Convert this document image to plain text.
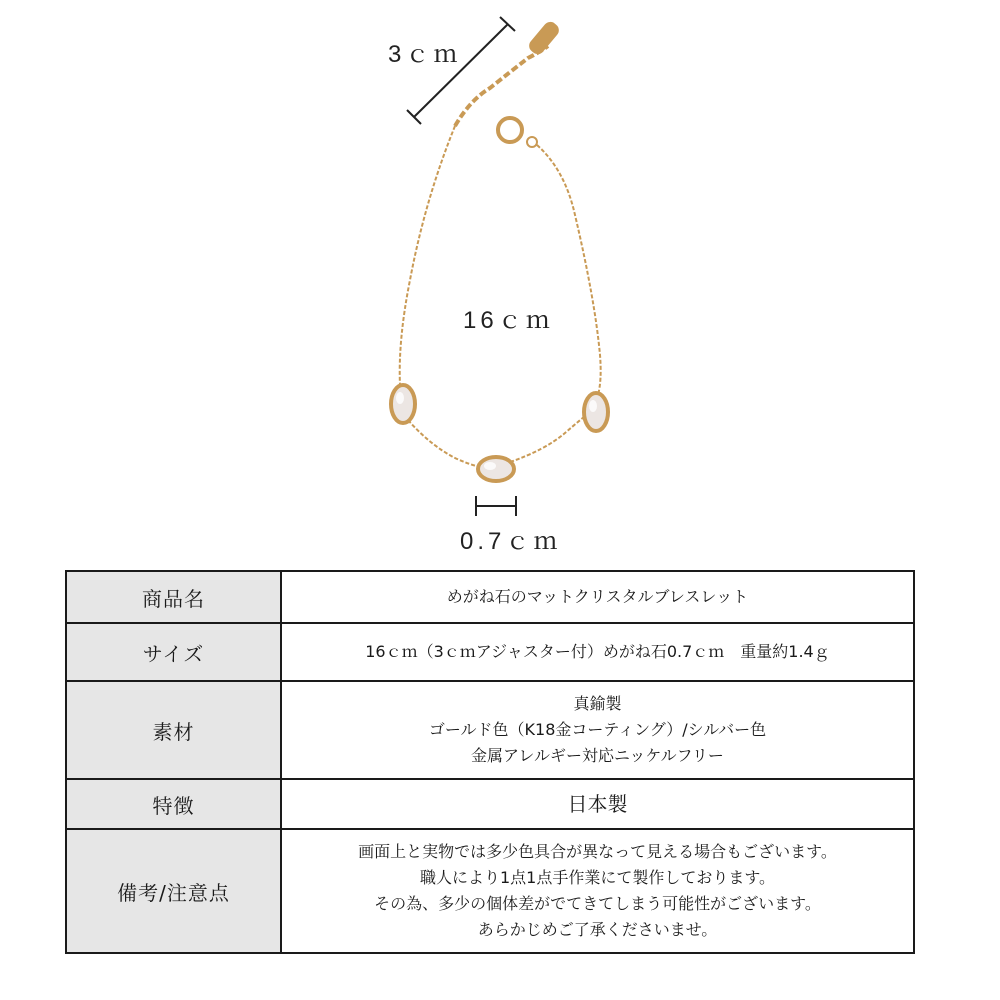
3ｃｍ
16ｃｍ
0.7ｃｍ
商品名	めがね石のマットクリスタルブレスレット

サイズ	16ｃｍ（3ｃｍアジャスター付）めがね石0.7ｃｍ　重量約1.4ｇ

素材	真鍮製
ゴールド色（K18金コーティング）/シルバー色
金属アレルギー対応ニッケルフリー

特徴	日本製

備考/注意点	画面上と実物では多少色具合が異なって見える場合もございます。
職人により1点1点手作業にて製作しております。
その為、多少の個体差がでてきてしまう可能性がございます。
あらかじめご了承くださいませ。
